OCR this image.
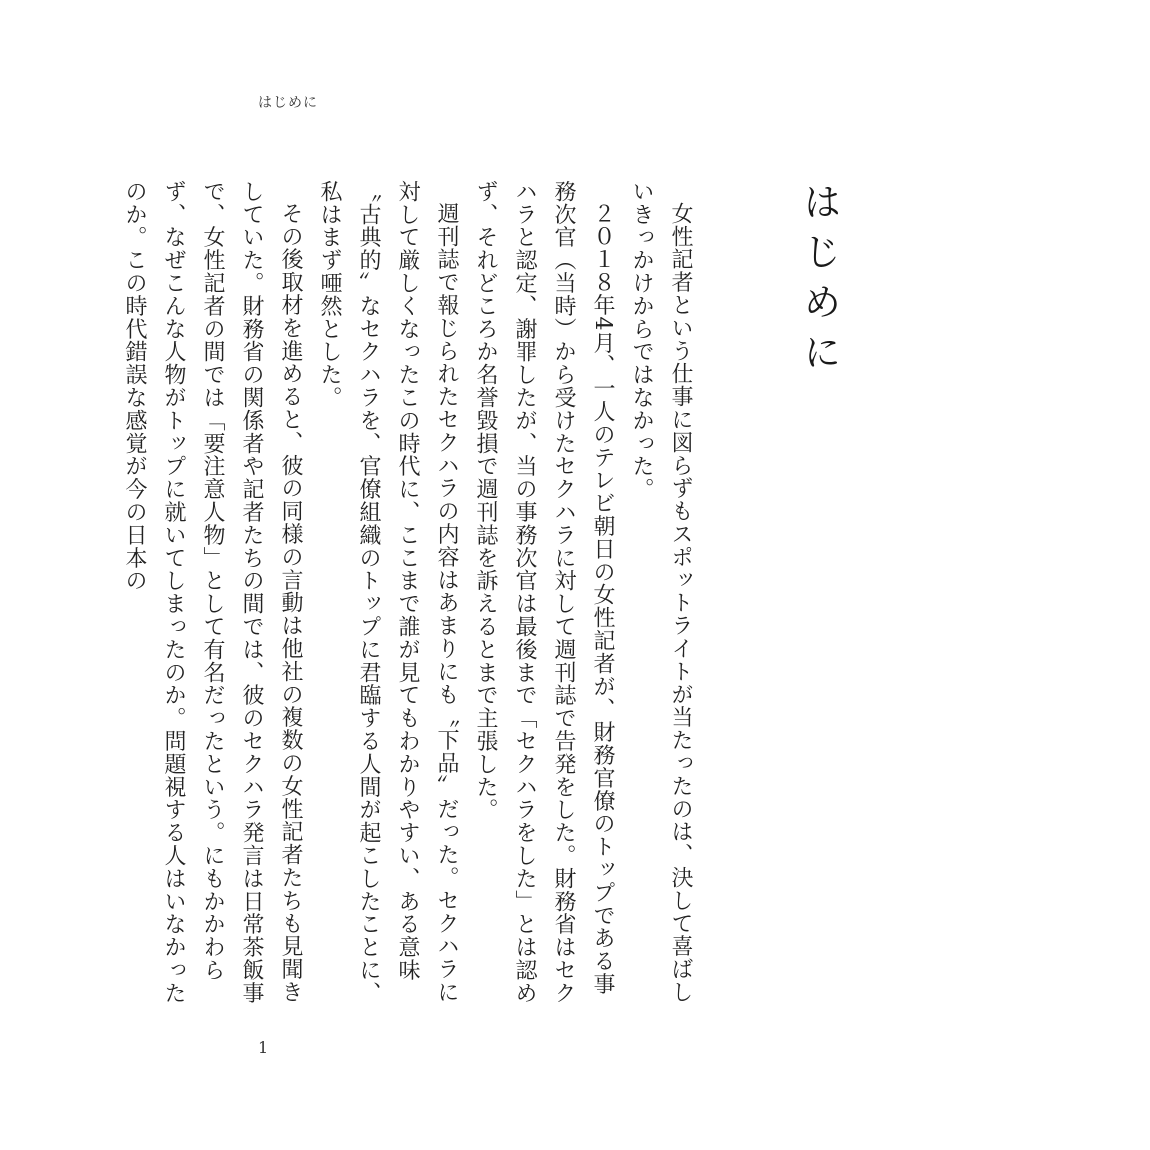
はじめに
はじめに

女性記者という仕事に図らずもスポットライトが当たったのは、決して喜ばしいきっかけからではなかった。

２０１８年4月、一人のテレビ朝日の女性記者が、財務官僚のトップである事務次官（当時）から受けたセクハラに対して週刊誌で告発をした。財務省はセクハラと認定、謝罪したが、当の事務次官は最後まで「セクハラをした」とは認めず、それどころか名誉毀損で週刊誌を訴えるとまで主張した。

週刊誌で報じられたセクハラの内容はあまりにも〝下品〟だった。セクハラに対して厳しくなったこの時代に、ここまで誰が見てもわかりやすい、ある意味〝古典的〟なセクハラを、官僚組織のトップに君臨する人間が起こしたことに、私はまず唖然とした。

その後取材を進めると、彼の同様の言動は他社の複数の女性記者たちも見聞きしていた。財務省の関係者や記者たちの間では、彼のセクハラ発言は日常茶飯事で、女性記者の間では「要注意人物」として有名だったという。にもかかわらず、なぜこんな人物がトップに就いてしまったのか。問題視する人はいなかったのか。この時代錯誤な感覚が今の日本の

1
